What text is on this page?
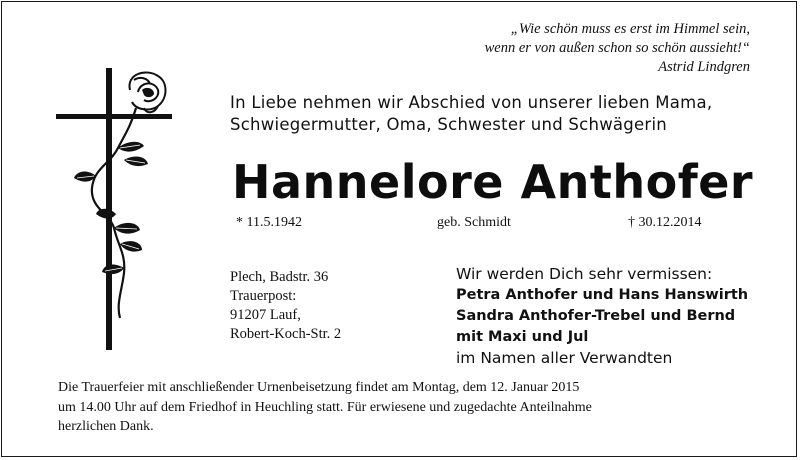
„Wie schön muss es erst im Himmel sein,
wenn er von außen schon so schön aussieht!“
Astrid Lindgren
In Liebe nehmen wir Abschied von unserer lieben Mama,
Schwiegermutter, Oma, Schwester und Schwägerin
Hannelore Anthofer
* 11.5.1942	geb. Schmidt	† 30.12.2014
Plech, Badstr. 36
Trauerpost:
91207 Lauf,
Robert-Koch-Str. 2
Wir werden Dich sehr vermissen:
Petra Anthofer und Hans Hanswirth
Sandra Anthofer-Trebel und Bernd
mit Maxi und Jul
im Namen aller Verwandten
Die Trauerfeier mit anschließender Urnenbeisetzung findet am Montag, dem 12. Januar 2015
um 14.00 Uhr auf dem Friedhof in Heuchling statt. Für erwiesene und zugedachte Anteilnahme
herzlichen Dank.
